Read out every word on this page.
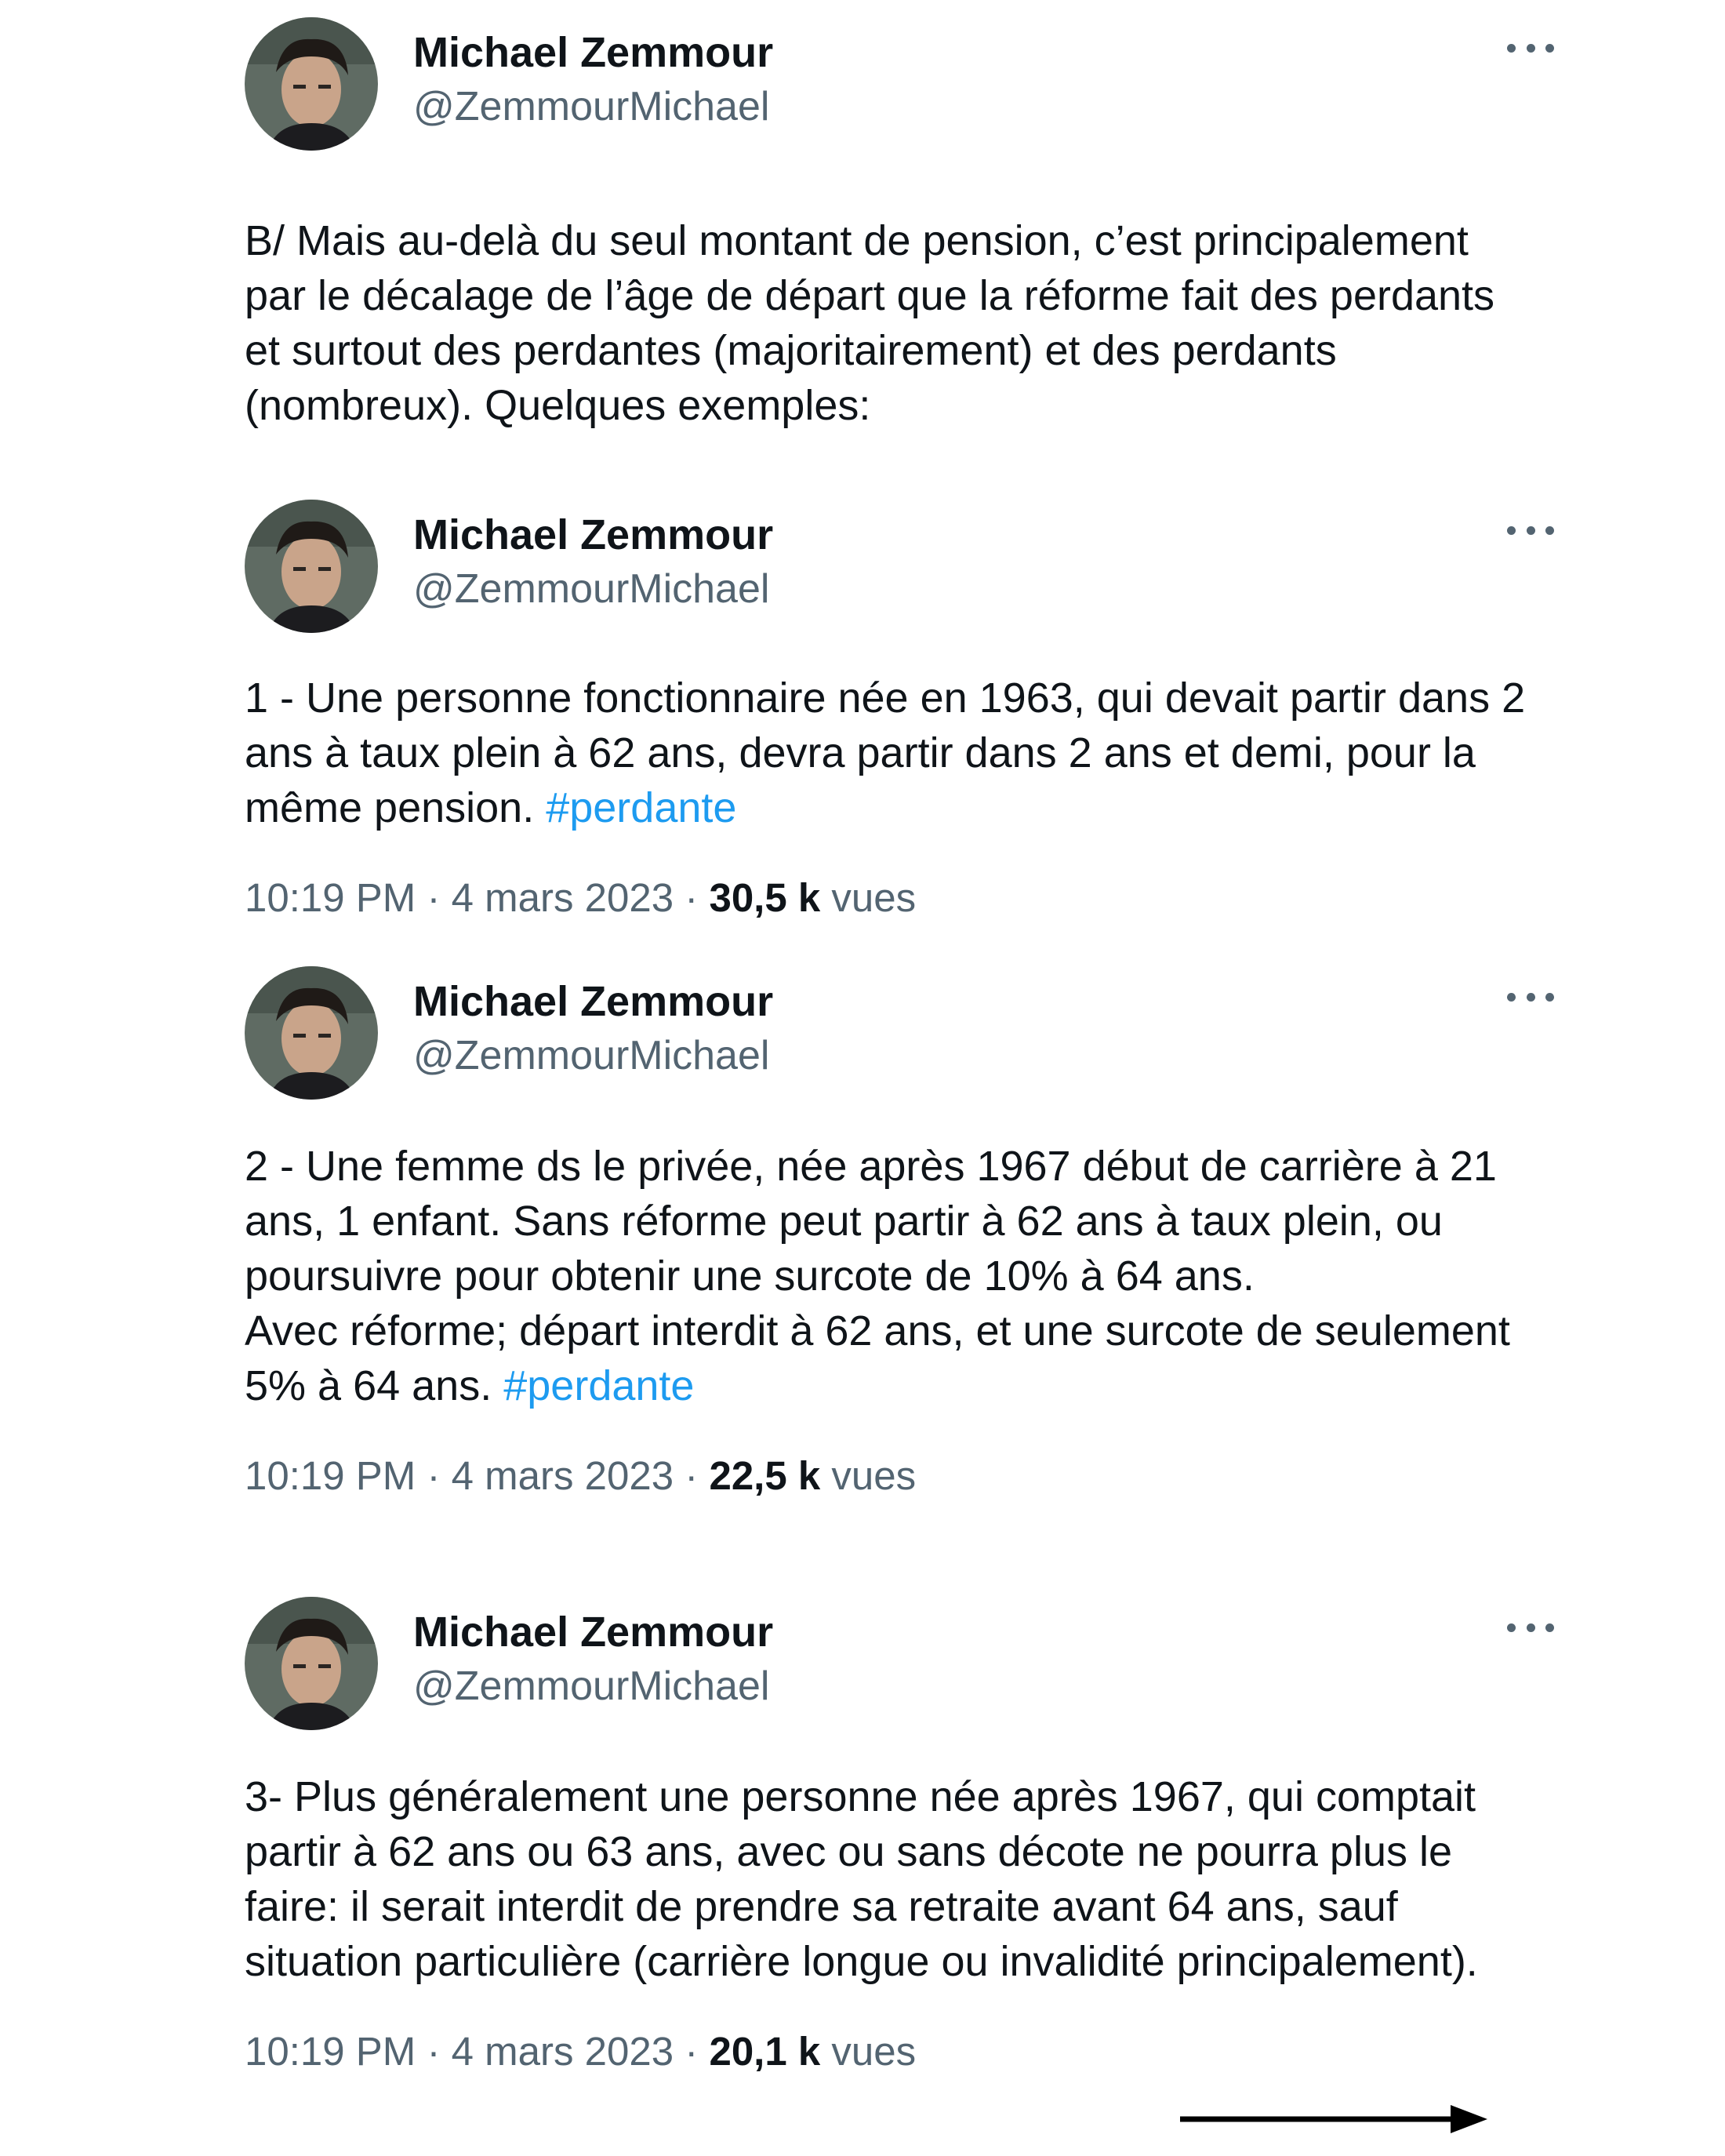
Michael Zemmour
@ZemmourMichael
B/ Mais au-delà du seul montant de pension, c’est principalement par le décalage de l’âge de départ que la réforme fait des perdants et surtout des perdantes (majoritairement) et des perdants (nombreux). Quelques exemples:
Michael Zemmour
@ZemmourMichael
1 - Une personne fonctionnaire née en 1963, qui devait partir dans 2 ans à taux plein à 62 ans, devra partir dans 2 ans et demi, pour la même pension. #perdante
10:19 PM · 4 mars 2023 · 30,5 k vues
Michael Zemmour
@ZemmourMichael
2 - Une femme ds le privée, née après 1967 début de carrière à 21 ans, 1 enfant. Sans réforme peut partir à 62 ans à taux plein, ou poursuivre pour obtenir une surcote de 10% à 64 ans.
Avec réforme; départ interdit à 62 ans, et une surcote de seulement 5% à 64 ans. #perdante
10:19 PM · 4 mars 2023 · 22,5 k vues
Michael Zemmour
@ZemmourMichael
3- Plus généralement une personne née après 1967, qui comptait partir à 62 ans ou 63 ans, avec ou sans décote ne pourra plus le faire: il serait interdit de prendre sa retraite avant 64 ans, sauf situation particulière (carrière longue ou invalidité principalement).
10:19 PM · 4 mars 2023 · 20,1 k vues
